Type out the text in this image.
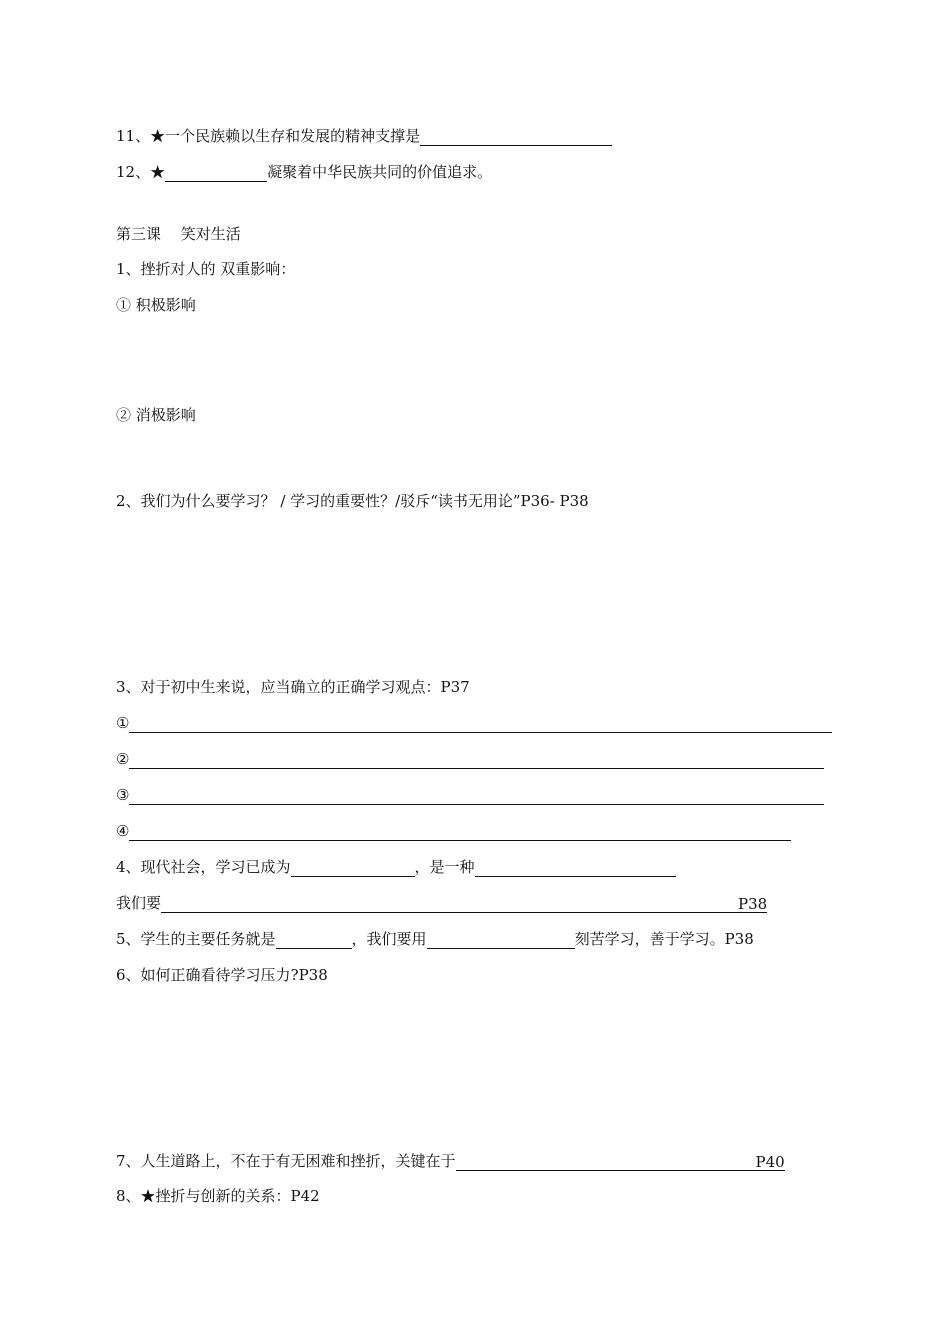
11、★一个民族赖以生存和发展的精神支撑是
12、★	凝聚着中华民族共同的价值追求。
第三课　 笑对生活
1、挫折对人的 双重影响：
① 积极影响
② 消极影响
2、我们为什么要学习？ / 学习的重要性？/驳斥“读书无用论”P36- P38
3、对于初中生来说，应当确立的正确学习观点：P37
①
②
③
④
4、现代社会，学习已成为	，是一种
我们要	P38
5、学生的主要任务就是	，我们要用	刻苦学习，善于学习。P38
6、如何正确看待学习压力?P38
7、人生道路上，不在于有无困难和挫折，关键在于	P40
8、★挫折与创新的关系：P42
